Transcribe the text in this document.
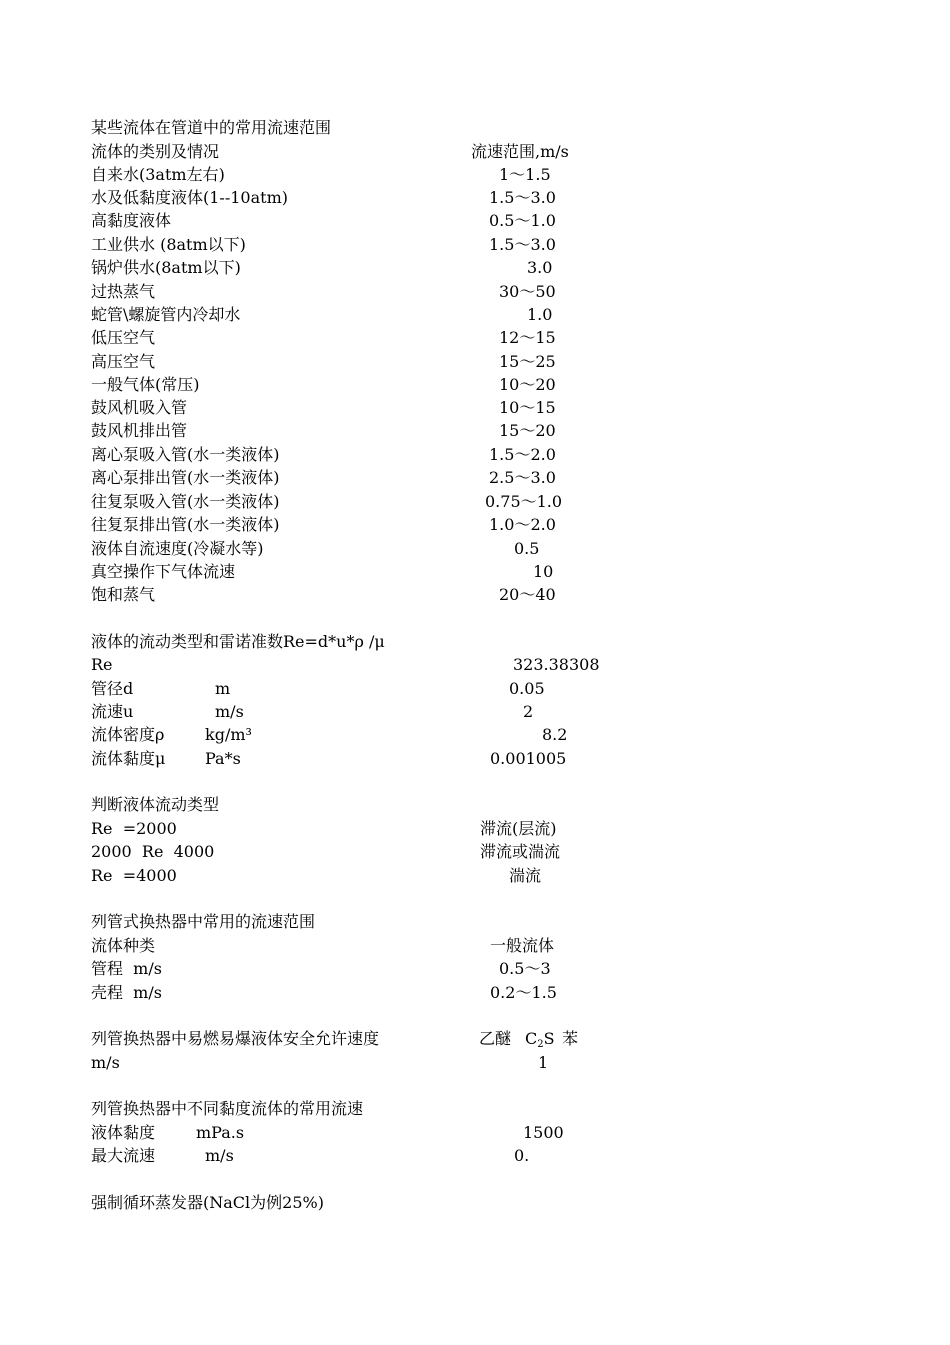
某些流体在管道中的常用流速范围
流体的类别及情况	流速范围,m/s
自来水(3atm左右)	1～1.5
水及低黏度液体(1--10atm)	1.5～3.0
高黏度液体	0.5～1.0
工业供水 (8atm以下)	1.5～3.0
锅炉供水(8atm以下)	3.0
过热蒸气	30～50
蛇管\螺旋管内冷却水	1.0
低压空气	12～15
高压空气	15～25
一般气体(常压)	10～20
鼓风机吸入管	10～15
鼓风机排出管	15～20
离心泵吸入管(水一类液体)	1.5～2.0
离心泵排出管(水一类液体)	2.5～3.0
往复泵吸入管(水一类液体)	0.75～1.0
往复泵排出管(水一类液体)	1.0～2.0
液体自流速度(冷凝水等)	0.5
真空操作下气体流速	10
饱和蒸气	20～40
液体的流动类型和雷诺准数Re=d*u*ρ /μ
Re	323.38308
管径d	m	0.05
流速u	m/s	2
流体密度ρ	kg/m³	8.2
流体黏度μ Pa*s	0.001005
判断液体流动类型
Re  =2000	滞流(层流)
2000  Re  4000	滞流或湍流
Re  =4000	湍流
列管式换热器中常用的流速范围
流体种类	一般流体
管程  m/s	0.5～3
壳程  m/s	0.2～1.5
列管换热器中易燃易爆液体安全允许速度	乙醚 $C_2S$ 苯
m/s	1
列管换热器中不同黏度流体的常用流速
液体黏度	mPa.s	1500
最大流速	m/s	0.
强制循环蒸发器(NaCl为例25%)
